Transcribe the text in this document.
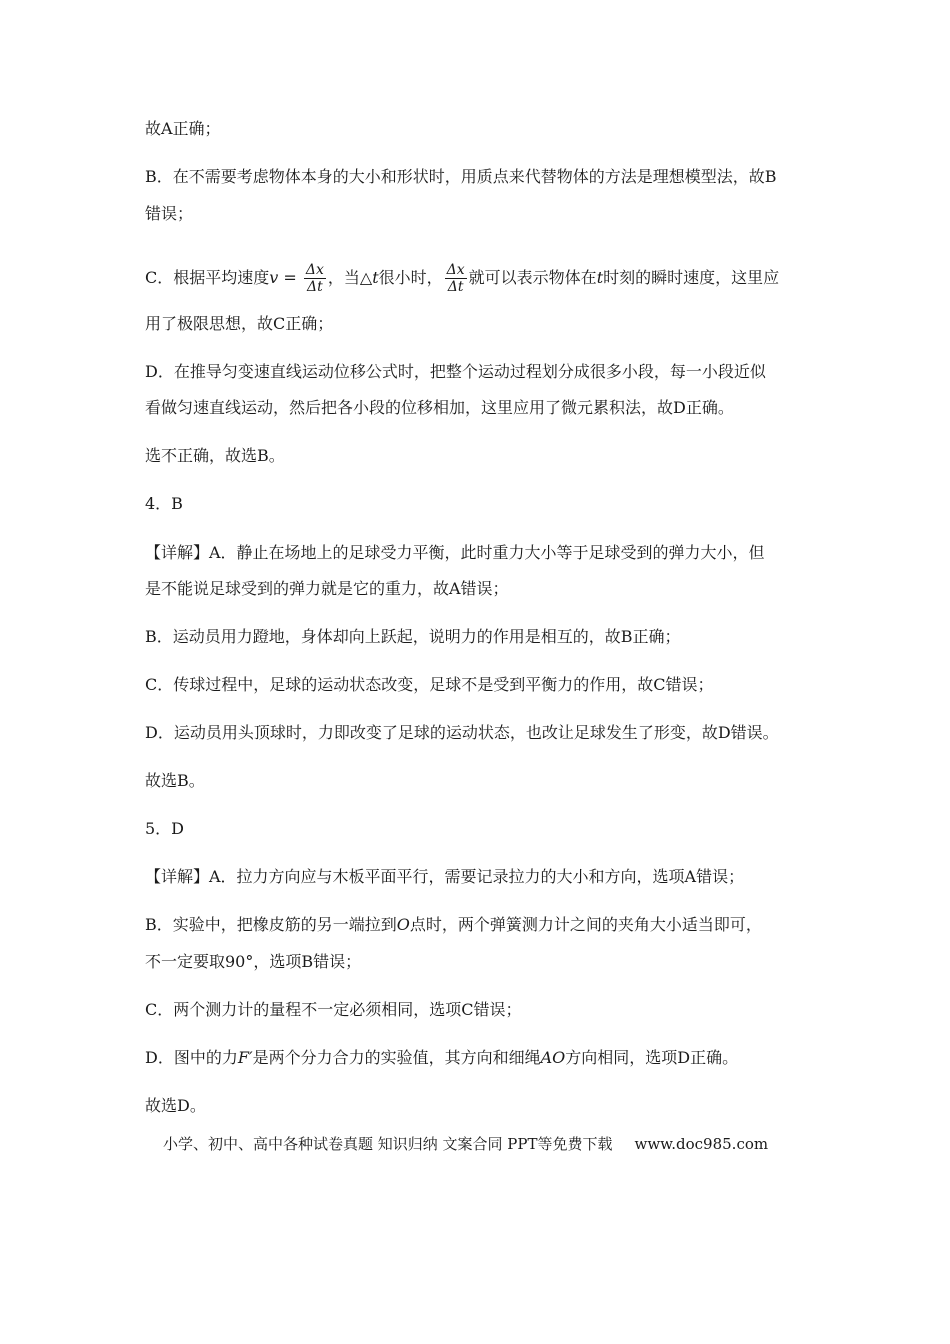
故A正确；
B．在不需要考虑物体本身的大小和形状时，用质点来代替物体的方法是理想模型法，故B
错误；
C．根据平均速度$v = \frac{\Delta x}{\Delta t}$ ，当△t很小时， $\frac{\Delta x}{\Delta t}$ 就可以表示物体在t时刻的瞬时速度，这里应
用了极限思想，故C正确；
D．在推导匀变速直线运动位移公式时，把整个运动过程划分成很多小段，每一小段近似
看做匀速直线运动，然后把各小段的位移相加，这里应用了微元累积法，故D正确。
选不正确，故选B。
4．B
【详解】A．静止在场地上的足球受力平衡，此时重力大小等于足球受到的弹力大小，但
是不能说足球受到的弹力就是它的重力，故A错误；
B．运动员用力蹬地，身体却向上跃起，说明力的作用是相互的，故B正确；
C．传球过程中，足球的运动状态改变，足球不是受到平衡力的作用，故C错误；
D．运动员用头顶球时，力即改变了足球的运动状态，也改让足球发生了形变，故D错误。
故选B。
5．D
【详解】A．拉力方向应与木板平面平行，需要记录拉力的大小和方向，选项A错误；
B．实验中，把橡皮筋的另一端拉到O点时，两个弹簧测力计之间的夹角大小适当即可，
不一定要取90°，选项B错误；
C．两个测力计的量程不一定必须相同，选项C错误；
D．图中的力F′是两个分力合力的实验值，其方向和细绳AO方向相同，选项D正确。
故选D。
小学、初中、高中各种试卷真题 知识归纳 文案合同 PPT等免费下载 www.doc985.com
